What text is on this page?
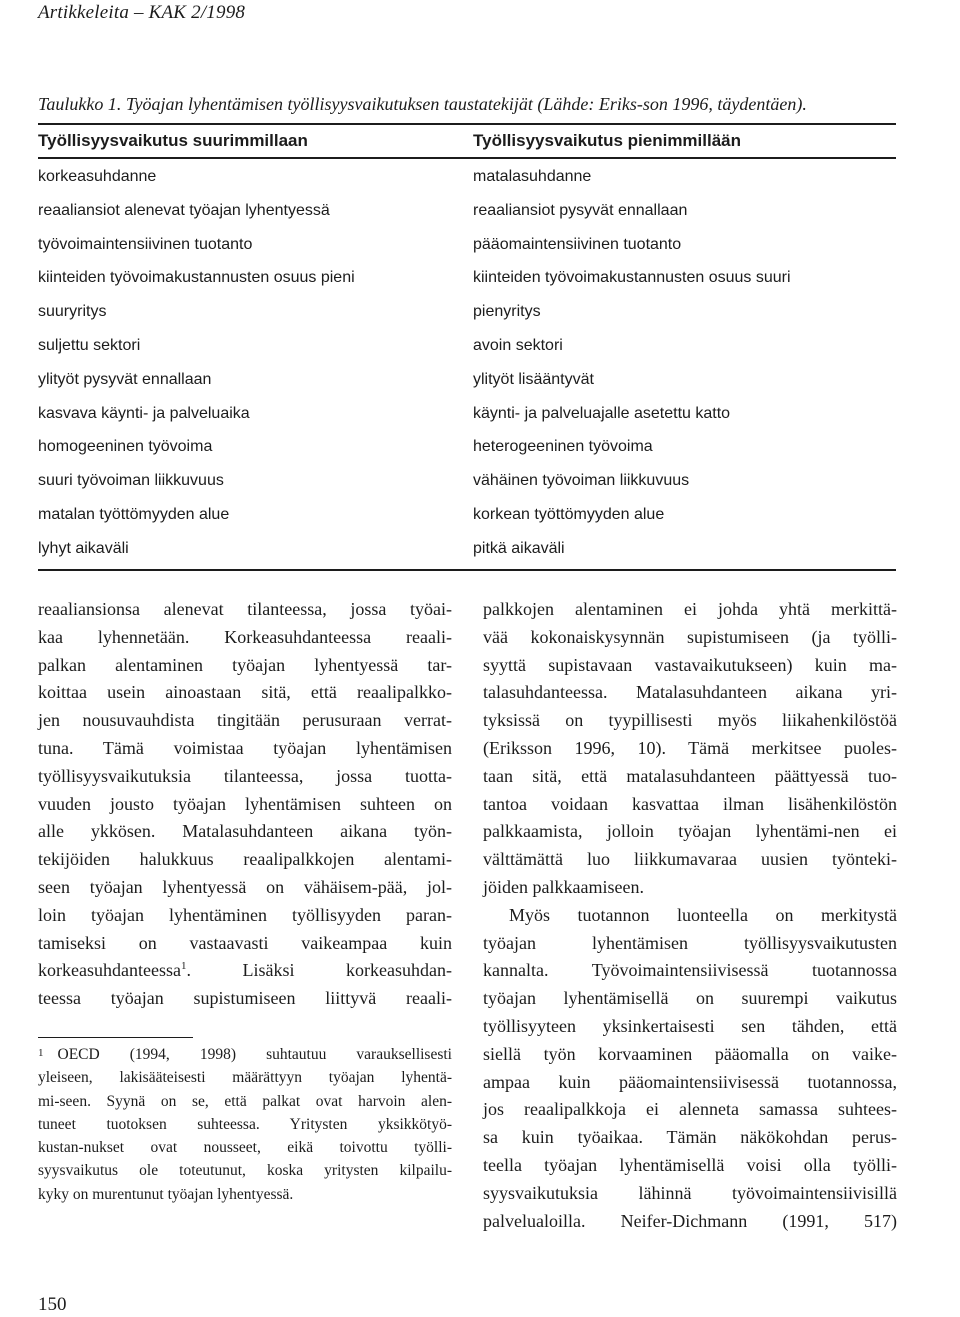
Artikkeleita – KAK 2/1998
Taulukko 1. Työajan lyhentämisen työllisyysvaikutuksen taustatekijät (Lähde: Eriks-son 1996, täydentäen).
Työllisyysvaikutus suurimmillaan	Työllisyysvaikutus pienimmillään
korkeasuhdanne	matalasuhdanne
reaaliansiot alenevat työajan lyhentyessä	reaaliansiot pysyvät ennallaan
työvoimaintensiivinen tuotanto	pääomaintensiivinen tuotanto
kiinteiden työvoimakustannusten osuus pieni	kiinteiden työvoimakustannusten osuus suuri
suuryritys	pienyritys
suljettu sektori	avoin sektori
ylityöt pysyvät ennallaan	ylityöt lisääntyvät
kasvava käynti- ja palveluaika	käynti- ja palveluajalle asetettu katto
homogeeninen työvoima	heterogeeninen työvoima
suuri työvoiman liikkuvuus	vähäinen työvoiman liikkuvuus
matalan työttömyyden alue	korkean työttömyyden alue
lyhyt aikaväli	pitkä aikaväli

reaaliansionsa alenevat tilanteessa, jossa työai-
kaa lyhennetään. Korkeasuhdanteessa reaali-
palkan alentaminen työajan lyhentyessä tar-
koittaa usein ainoastaan sitä, että reaalipalkko-
jen nousuvauhdista tingitään perusuraan verrat-
tuna. Tämä voimistaa työajan lyhentämisen
työllisyysvaikutuksia tilanteessa, jossa tuotta-
vuuden jousto työajan lyhentämisen suhteen on
alle ykkösen. Matalasuhdanteen aikana työn-
tekijöiden halukkuus reaalipalkkojen alentami-
seen työajan lyhentyessä on vähäisem-pää, jol-
loin työajan lyhentäminen työllisyyden paran-
tamiseksi on vastaavasti vaikeampaa kuin
korkeasuhdanteessa$^1$. Lisäksi korkeasuhdan-
teessa työajan supistumiseen liittyvä reaali-

palkkojen alentaminen ei johda yhtä merkittä-
vää kokonaiskysynnän supistumiseen (ja työlli-
syyttä supistavaan vastavaikutukseen) kuin ma-
talasuhdanteessa. Matalasuhdanteen aikana yri-
tyksissä on tyypillisesti myös liikahenkilöstöä
(Eriksson 1996, 10). Tämä merkitsee puoles-
taan sitä, että matalasuhdanteen päättyessä tuo-
tantoa voidaan kasvattaa ilman lisähenkilöstön
palkkaamista, jolloin työajan lyhentämi-nen ei
välttämättä luo liikkumavaraa uusien työnteki-
jöiden palkkaamiseen.

Myös tuotannon luonteella on merkitystä
työajan lyhentämisen työllisyysvaikutusten
kannalta. Työvoimaintensiivisessä tuotannossa
työajan lyhentämisellä on suurempi vaikutus
työllisyyteen yksinkertaisesti sen tähden, että
siellä työn korvaaminen pääomalla on vaike-
ampaa kuin pääomaintensiivisessä tuotannossa,
jos reaalipalkkoja ei alenneta samassa suhtees-
sa kuin työaikaa. Tämän näkökohdan perus-
teella työajan lyhentämisellä voisi olla työlli-
syysvaikutuksia lähinnä työvoimaintensiivisillä
palvelualoilla. Neifer-Dichmann (1991, 517)

$^1$ OECD (1994, 1998) suhtautuu varauksellisesti
yleiseen, lakisääteisesti määrättyyn työajan lyhentä-
mi-seen. Syynä on se, että palkat ovat harvoin alen-
tuneet tuotoksen suhteessa. Yritysten yksikkötyö-
kustan-nukset ovat nousseet, eikä toivottu työlli-
syysvaikutus ole toteutunut, koska yritysten kilpailu-
kyky on murentunut työajan lyhentyessä.

150
